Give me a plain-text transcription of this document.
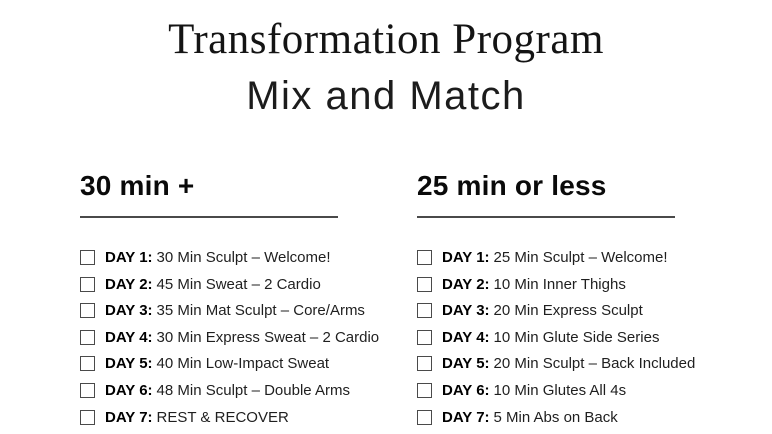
Transformation Program
Mix and Match
30 min +
DAY 1: 30 Min Sculpt – Welcome!
DAY 2: 45 Min Sweat – 2 Cardio
DAY 3: 35 Min Mat Sculpt – Core/Arms
DAY 4: 30 Min Express Sweat – 2 Cardio
DAY 5: 40 Min Low-Impact Sweat
DAY 6: 48 Min Sculpt – Double Arms
DAY 7: REST & RECOVER
25 min or less
DAY 1: 25 Min Sculpt – Welcome!
DAY 2: 10 Min Inner Thighs
DAY 3: 20 Min Express Sculpt
DAY 4: 10 Min Glute Side Series
DAY 5: 20 Min Sculpt – Back Included
DAY 6: 10 Min Glutes All 4s
DAY 7: 5 Min Abs on Back
